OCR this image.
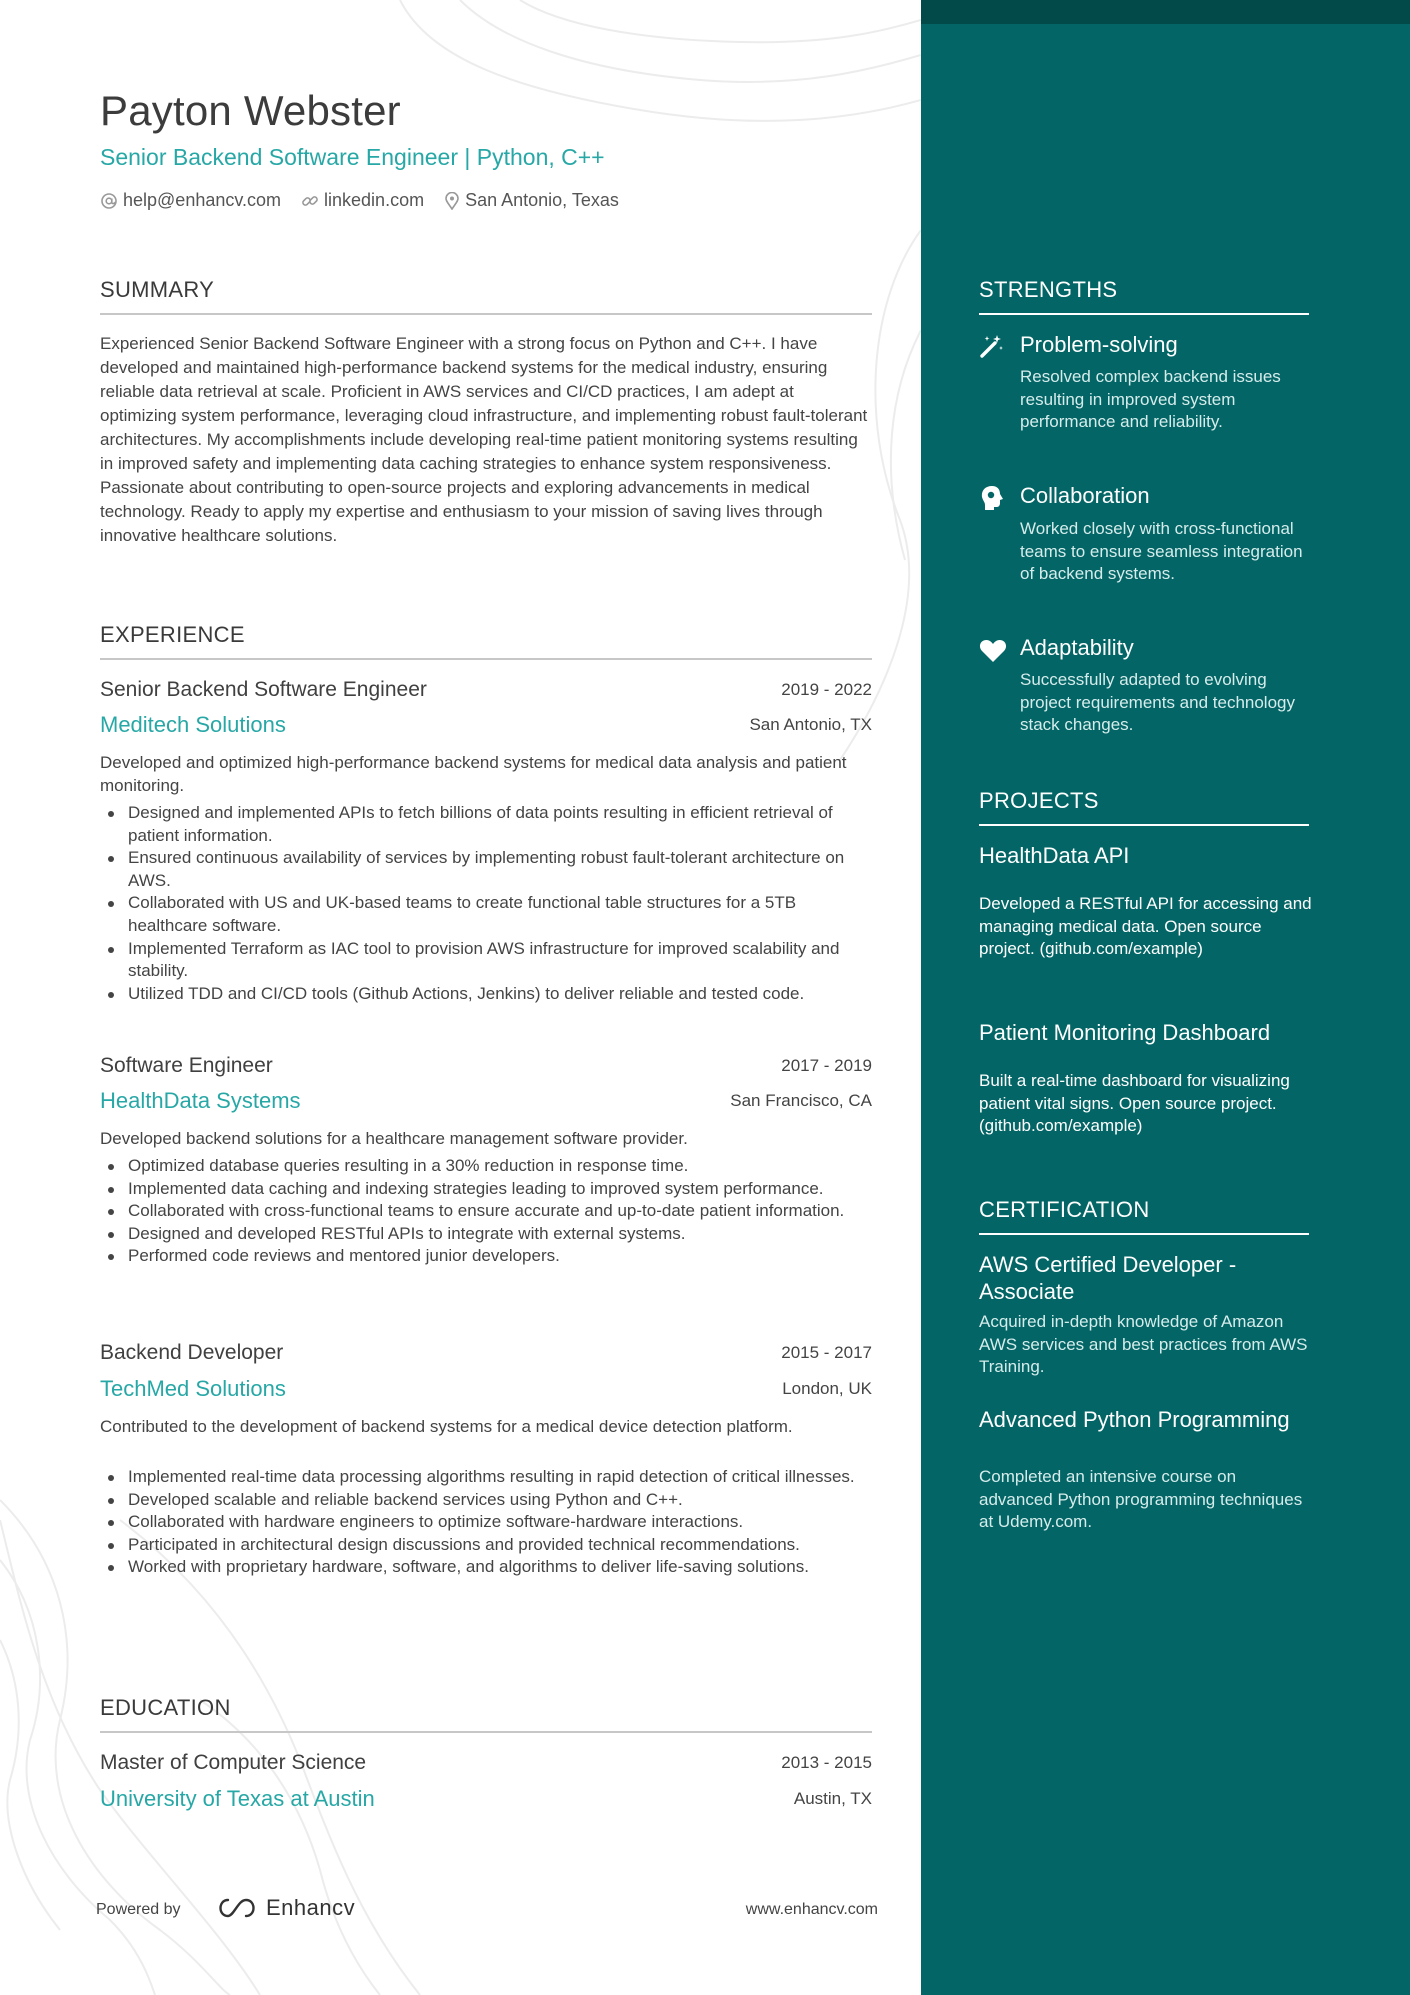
Payton Webster
Senior Backend Software Engineer | Python, C++
help@enhancv.com linkedin.com San Antonio, Texas
SUMMARY

Experienced Senior Backend Software Engineer with a strong focus on Python and C++. I have developed and maintained high-performance backend systems for the medical industry, ensuring reliable data retrieval at scale. Proficient in AWS services and CI/CD practices, I am adept at optimizing system performance, leveraging cloud infrastructure, and implementing robust fault-tolerant architectures. My accomplishments include developing real-time patient monitoring systems resulting in improved safety and implementing data caching strategies to enhance system responsiveness. Passionate about contributing to open-source projects and exploring advancements in medical technology. Ready to apply my expertise and enthusiasm to your mission of saving lives through innovative healthcare solutions.

EXPERIENCE
Senior Backend Software Engineer	2019 - 2022
Meditech Solutions	San Antonio, TX

Developed and optimized high-performance backend systems for medical data analysis and patient monitoring.

Designed and implemented APIs to fetch billions of data points resulting in efficient retrieval of patient information.
Ensured continuous availability of services by implementing robust fault-tolerant architecture on AWS.
Collaborated with US and UK-based teams to create functional table structures for a 5TB healthcare software.
Implemented Terraform as IAC tool to provision AWS infrastructure for improved scalability and stability.
Utilized TDD and CI/CD tools (Github Actions, Jenkins) to deliver reliable and tested code.
Software Engineer	2017 - 2019
HealthData Systems	San Francisco, CA

Developed backend solutions for a healthcare management software provider.

Optimized database queries resulting in a 30% reduction in response time.
Implemented data caching and indexing strategies leading to improved system performance.
Collaborated with cross-functional teams to ensure accurate and up-to-date patient information.
Designed and developed RESTful APIs to integrate with external systems.
Performed code reviews and mentored junior developers.
Backend Developer	2015 - 2017
TechMed Solutions	London, UK

Contributed to the development of backend systems for a medical device detection platform.

Implemented real-time data processing algorithms resulting in rapid detection of critical illnesses.
Developed scalable and reliable backend services using Python and C++.
Collaborated with hardware engineers to optimize software-hardware interactions.
Participated in architectural design discussions and provided technical recommendations.
Worked with proprietary hardware, software, and algorithms to deliver life-saving solutions.
EDUCATION
Master of Computer Science	2013 - 2015
University of Texas at Austin	Austin, TX
Powered by	Enhancv	www.enhancv.com
STRENGTHS
Problem-solving

Resolved complex backend issues resulting in improved system performance and reliability.

Collaboration

Worked closely with cross-functional teams to ensure seamless integration of backend systems.

Adaptability

Successfully adapted to evolving project requirements and technology stack changes.

PROJECTS
HealthData API

Developed a RESTful API for accessing and managing medical data. Open source project. (github.com/example)

Patient Monitoring Dashboard

Built a real-time dashboard for visualizing patient vital signs. Open source project. (github.com/example)

CERTIFICATION
AWS Certified Developer - Associate

Acquired in-depth knowledge of Amazon AWS services and best practices from AWS Training.

Advanced Python Programming

Completed an intensive course on advanced Python programming techniques at Udemy.com.
